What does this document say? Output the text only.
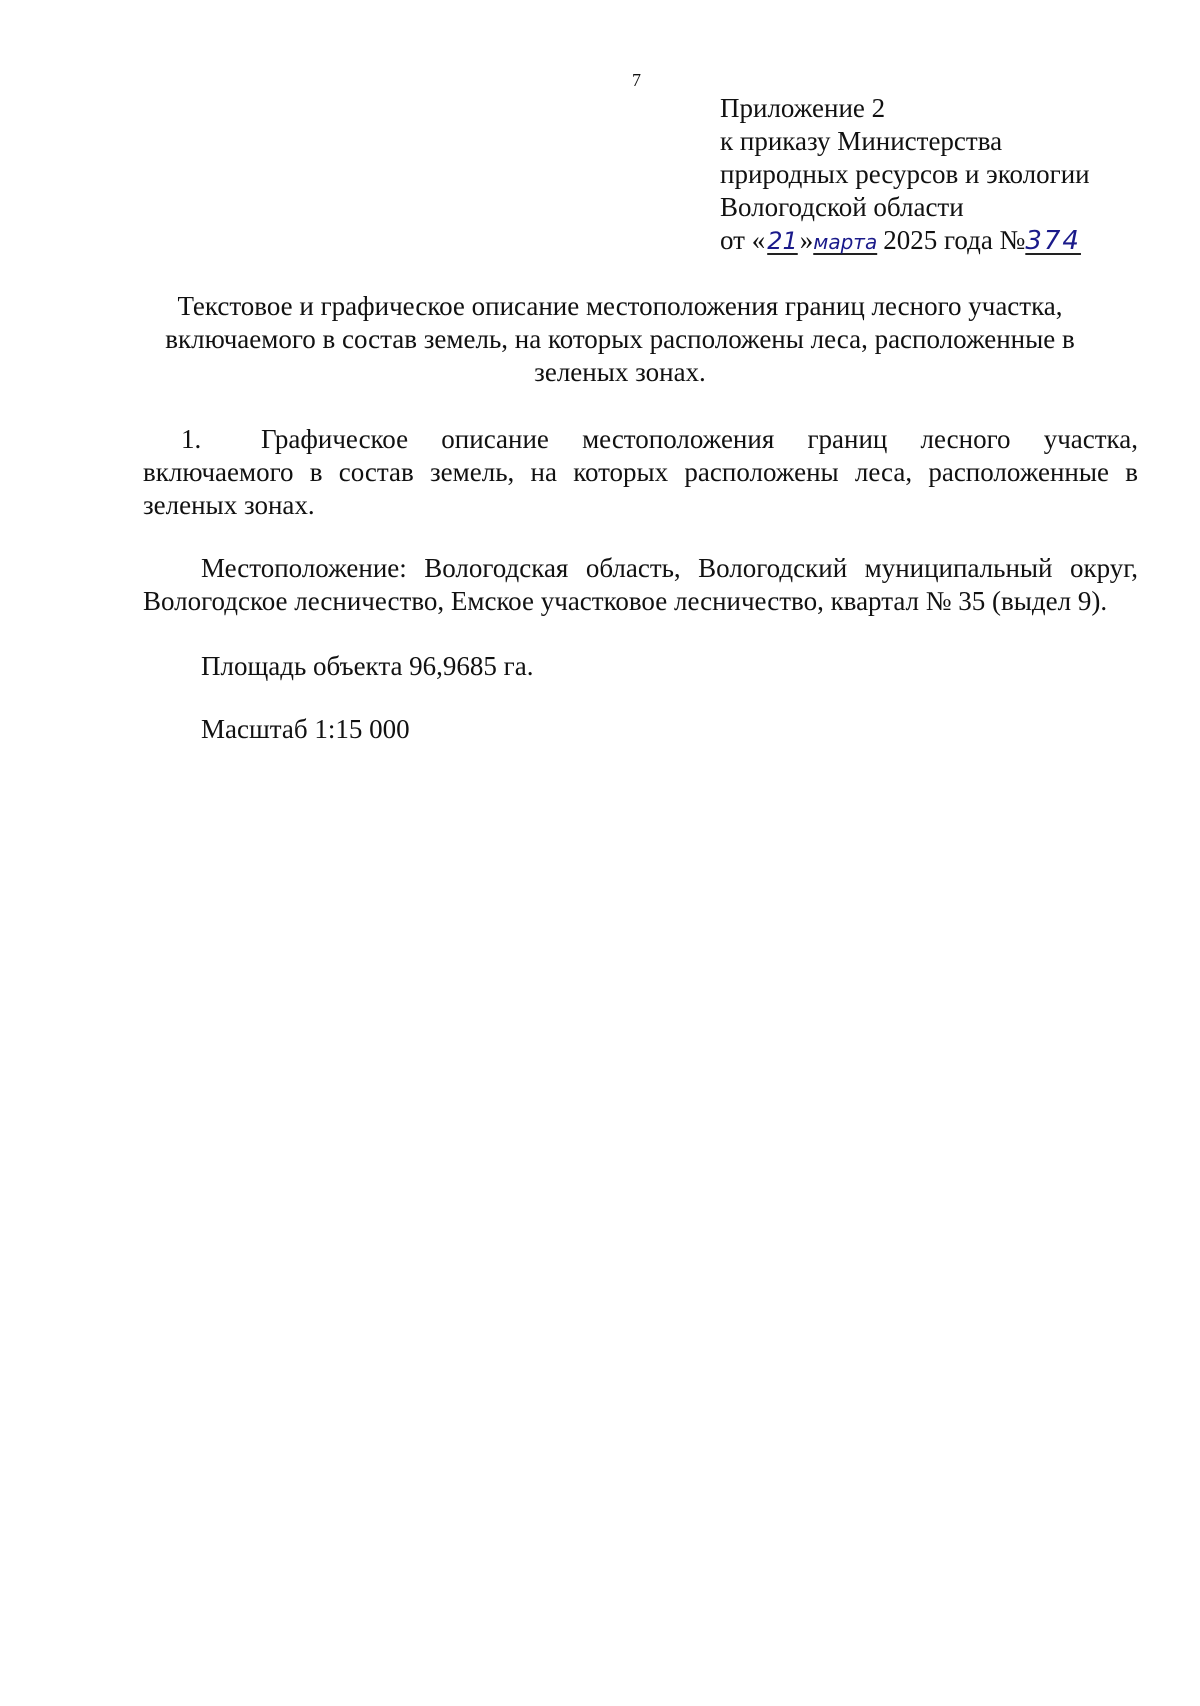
7
Приложение 2
к приказу Министерства
природных ресурсов и экологии
Вологодской области
от «21»марта 2025 года №374
Текстовое и графическое описание местоположения границ лесного участка, включаемого в состав земель, на которых расположены леса, расположенные в зеленых зонах.
1. Графическое описание местоположения границ лесного участка, включаемого в состав земель, на которых расположены леса, расположенные в зеленых зонах.
Местоположение: Вологодская область, Вологодский муниципальный округ, Вологодское лесничество, Емское участковое лесничество, квартал № 35 (выдел 9).
Площадь объекта 96,9685 га.
Масштаб 1:15 000
